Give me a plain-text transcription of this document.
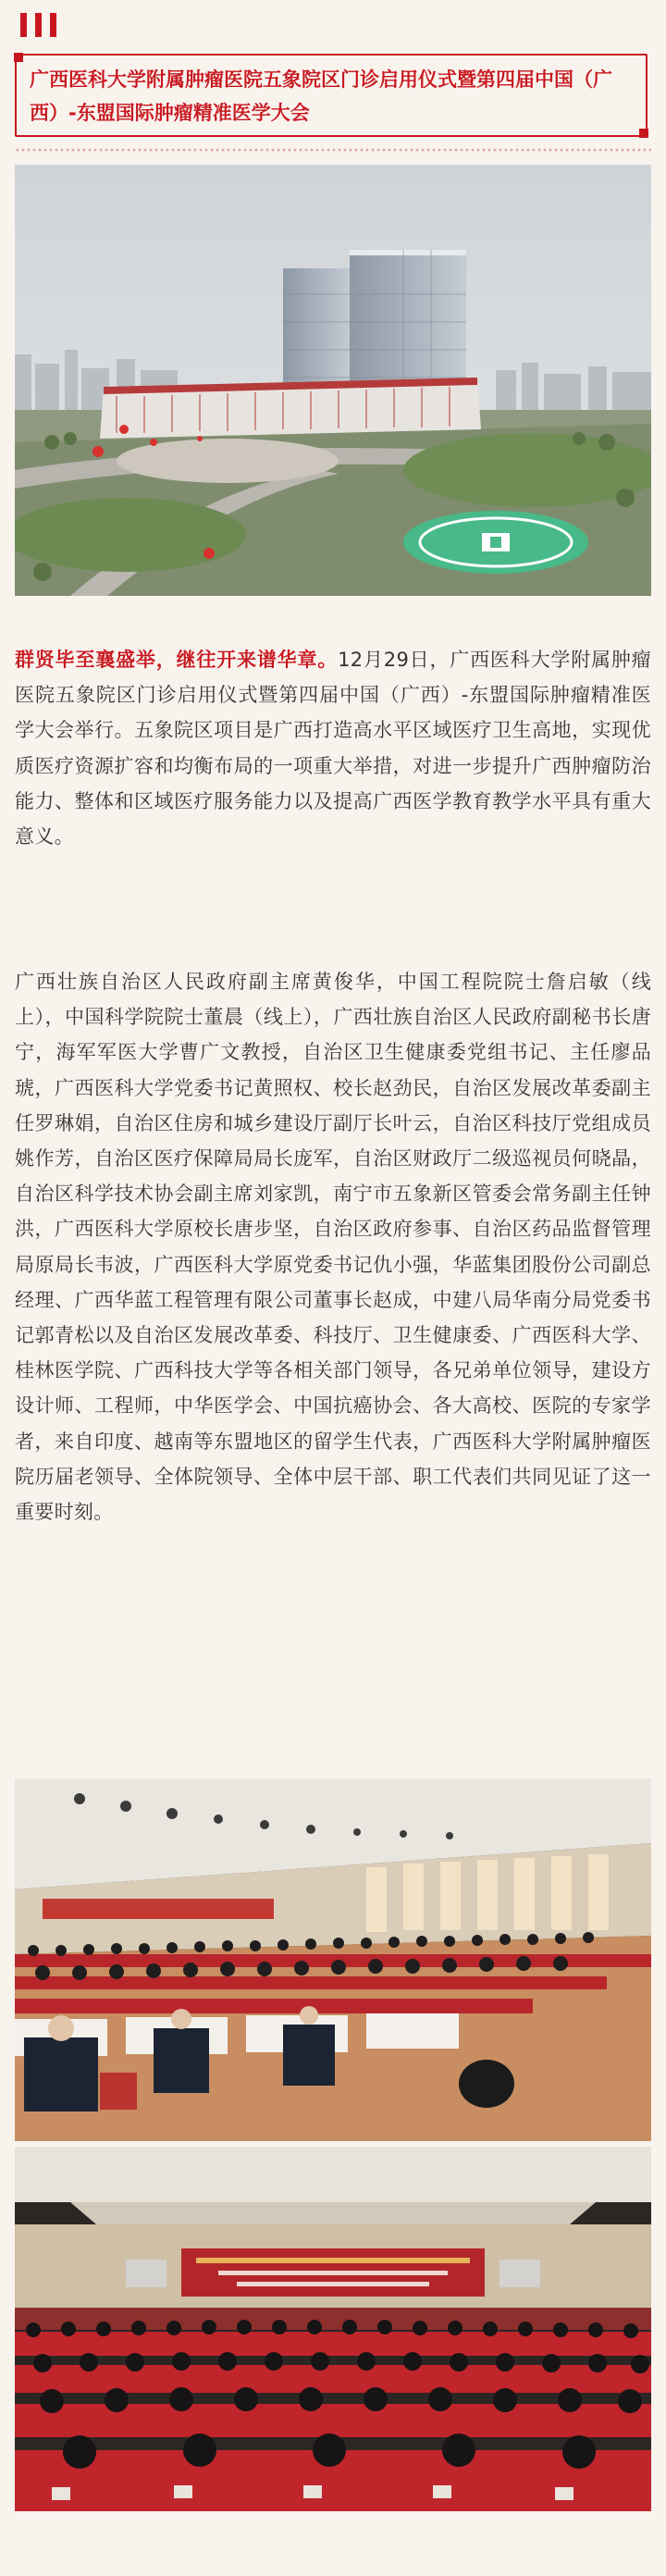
广西医科大学附属肿瘤医院五象院区门诊启用仪式暨第四届中国（广西）-东盟国际肿瘤精准医学大会
群贤毕至襄盛举，继往开来谱华章。12月29日，广西医科大学附属肿瘤医院五象院区门诊启用仪式暨第四届中国（广西）-东盟国际肿瘤精准医学大会举行。五象院区项目是广西打造高水平区域医疗卫生高地，实现优质医疗资源扩容和均衡布局的一项重大举措，对进一步提升广西肿瘤防治能力、整体和区域医疗服务能力以及提高广西医学教育教学水平具有重大意义。
广西壮族自治区人民政府副主席黄俊华，中国工程院院士詹启敏（线上），中国科学院院士董晨（线上），广西壮族自治区人民政府副秘书长唐宁，海军军医大学曹广文教授，自治区卫生健康委党组书记、主任廖品琥，广西医科大学党委书记黄照权、校长赵劲民，自治区发展改革委副主任罗琳娟，自治区住房和城乡建设厅副厅长叶云，自治区科技厅党组成员姚作芳，自治区医疗保障局局长庞军，自治区财政厅二级巡视员何晓晶，自治区科学技术协会副主席刘家凯，南宁市五象新区管委会常务副主任钟洪，广西医科大学原校长唐步坚，自治区政府参事、自治区药品监督管理局原局长韦波，广西医科大学原党委书记仇小强，华蓝集团股份公司副总经理、广西华蓝工程管理有限公司董事长赵成，中建八局华南分局党委书记郭青松以及自治区发展改革委、科技厅、卫生健康委、广西医科大学、桂林医学院、广西科技大学等各相关部门领导，各兄弟单位领导，建设方设计师、工程师，中华医学会、中国抗癌协会、各大高校、医院的专家学者，来自印度、越南等东盟地区的留学生代表，广西医科大学附属肿瘤医院历届老领导、全体院领导、全体中层干部、职工代表们共同见证了这一重要时刻。
